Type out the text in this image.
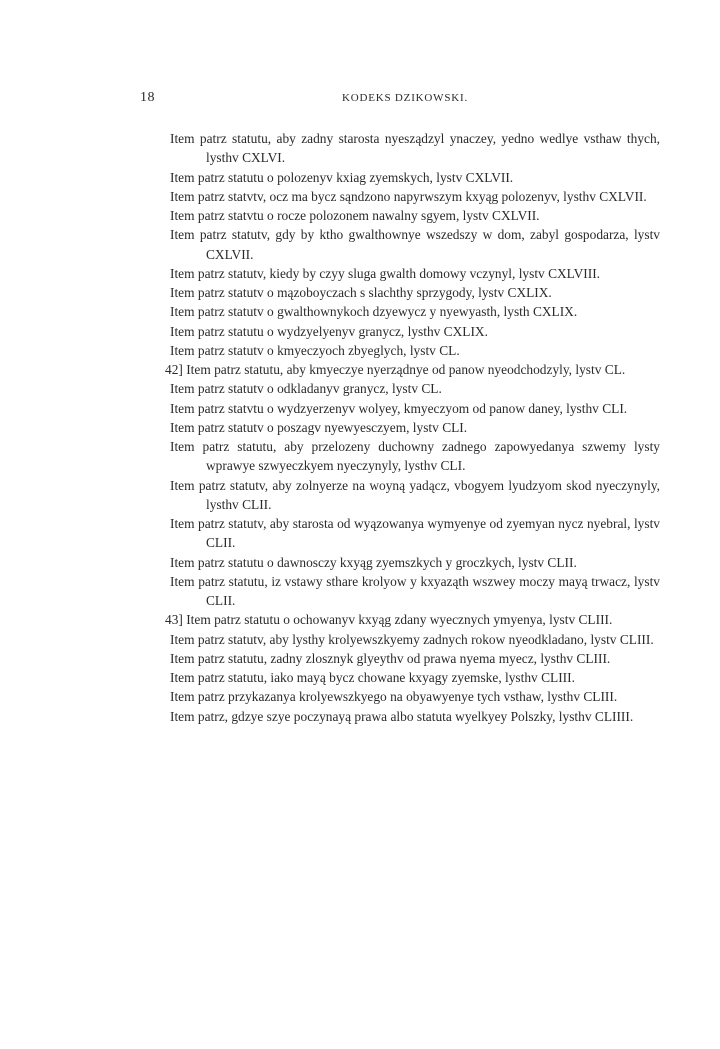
18	KODEKS DZIKOWSKI.

Item patrz statutu, aby zadny starosta nyesządzyl ynaczey, yedno wedlye vsthaw thych, lysthv CXLVI.

Item patrz statutu o polozenyv kxiag zyemskych, lystv CXLVII.

Item patrz statvtv, ocz ma bycz sąndzono napyrwszym kxyąg polozenyv, lysthv CXLVII.

Item patrz statvtu o rocze polozonem nawalny sgyem, lystv CXLVII.

Item patrz statutv, gdy by ktho gwalthownye wszedszy w dom, zabyl gospodarza, lystv CXLVII.

Item patrz statutv, kiedy by czyy sluga gwalth domowy vczynyl, lystv CXLVIII.

Item patrz statutv o mązoboyczach s slachthy sprzygody, lystv CXLIX.

Item patrz statutv o gwalthownykoch dzyewycz y nyewyasth, lysth CXLIX.

Item patrz statutu o wydzyelyenyv granycz, lysthv CXLIX.

Item patrz statutv o kmyeczyoch zbyeglych, lystv CL.

42] Item patrz statutu, aby kmyeczye nyerządnye od panow nyeodchodzyly, lystv CL.

Item patrz statutv o odkladanyv granycz, lystv CL.

Item patrz statvtu o wydzyerzenyv wolyey, kmyeczyom od panow daney, lysthv CLI.

Item patrz statutv o poszagv nyewyesczyem, lystv CLI.

Item patrz statutu, aby przelozeny duchowny zadnego zapowyedanya szwemy lysty wprawye szwyeczkyem nyeczynyly, lysthv CLI.

Item patrz statutv, aby zolnyerze na woyną yadącz, vbogyem lyudzyom skod nyeczynyly, lysthv CLII.

Item patrz statutv, aby starosta od wyązowanya wymyenye od zyemyan nycz nyebral, lystv CLII.

Item patrz statutu o dawnosczy kxyąg zyemszkych y groczkych, lystv CLII.

Item patrz statutu, iz vstawy sthare krolyow y kxyaząth wszwey moczy mayą trwacz, lystv CLII.

43] Item patrz statutu o ochowanyv kxyąg zdany wyecznych ymyenya, lystv CLIII.

Item patrz statutv, aby lysthy krolyewszkyemy zadnych rokow nyeodkladano, lystv CLIII.

Item patrz statutu, zadny zlosznyk glyeythv od prawa nyema myecz, lysthv CLIII.

Item patrz statutu, iako mayą bycz chowane kxyagy zyemske, lysthv CLIII.

Item patrz przykazanya krolyewszkyego na obyawyenye tych vsthaw, lysthv CLIII.

Item patrz, gdzye szye poczynayą prawa albo statuta wyelkyey Polszky, lysthv CLIIII.
